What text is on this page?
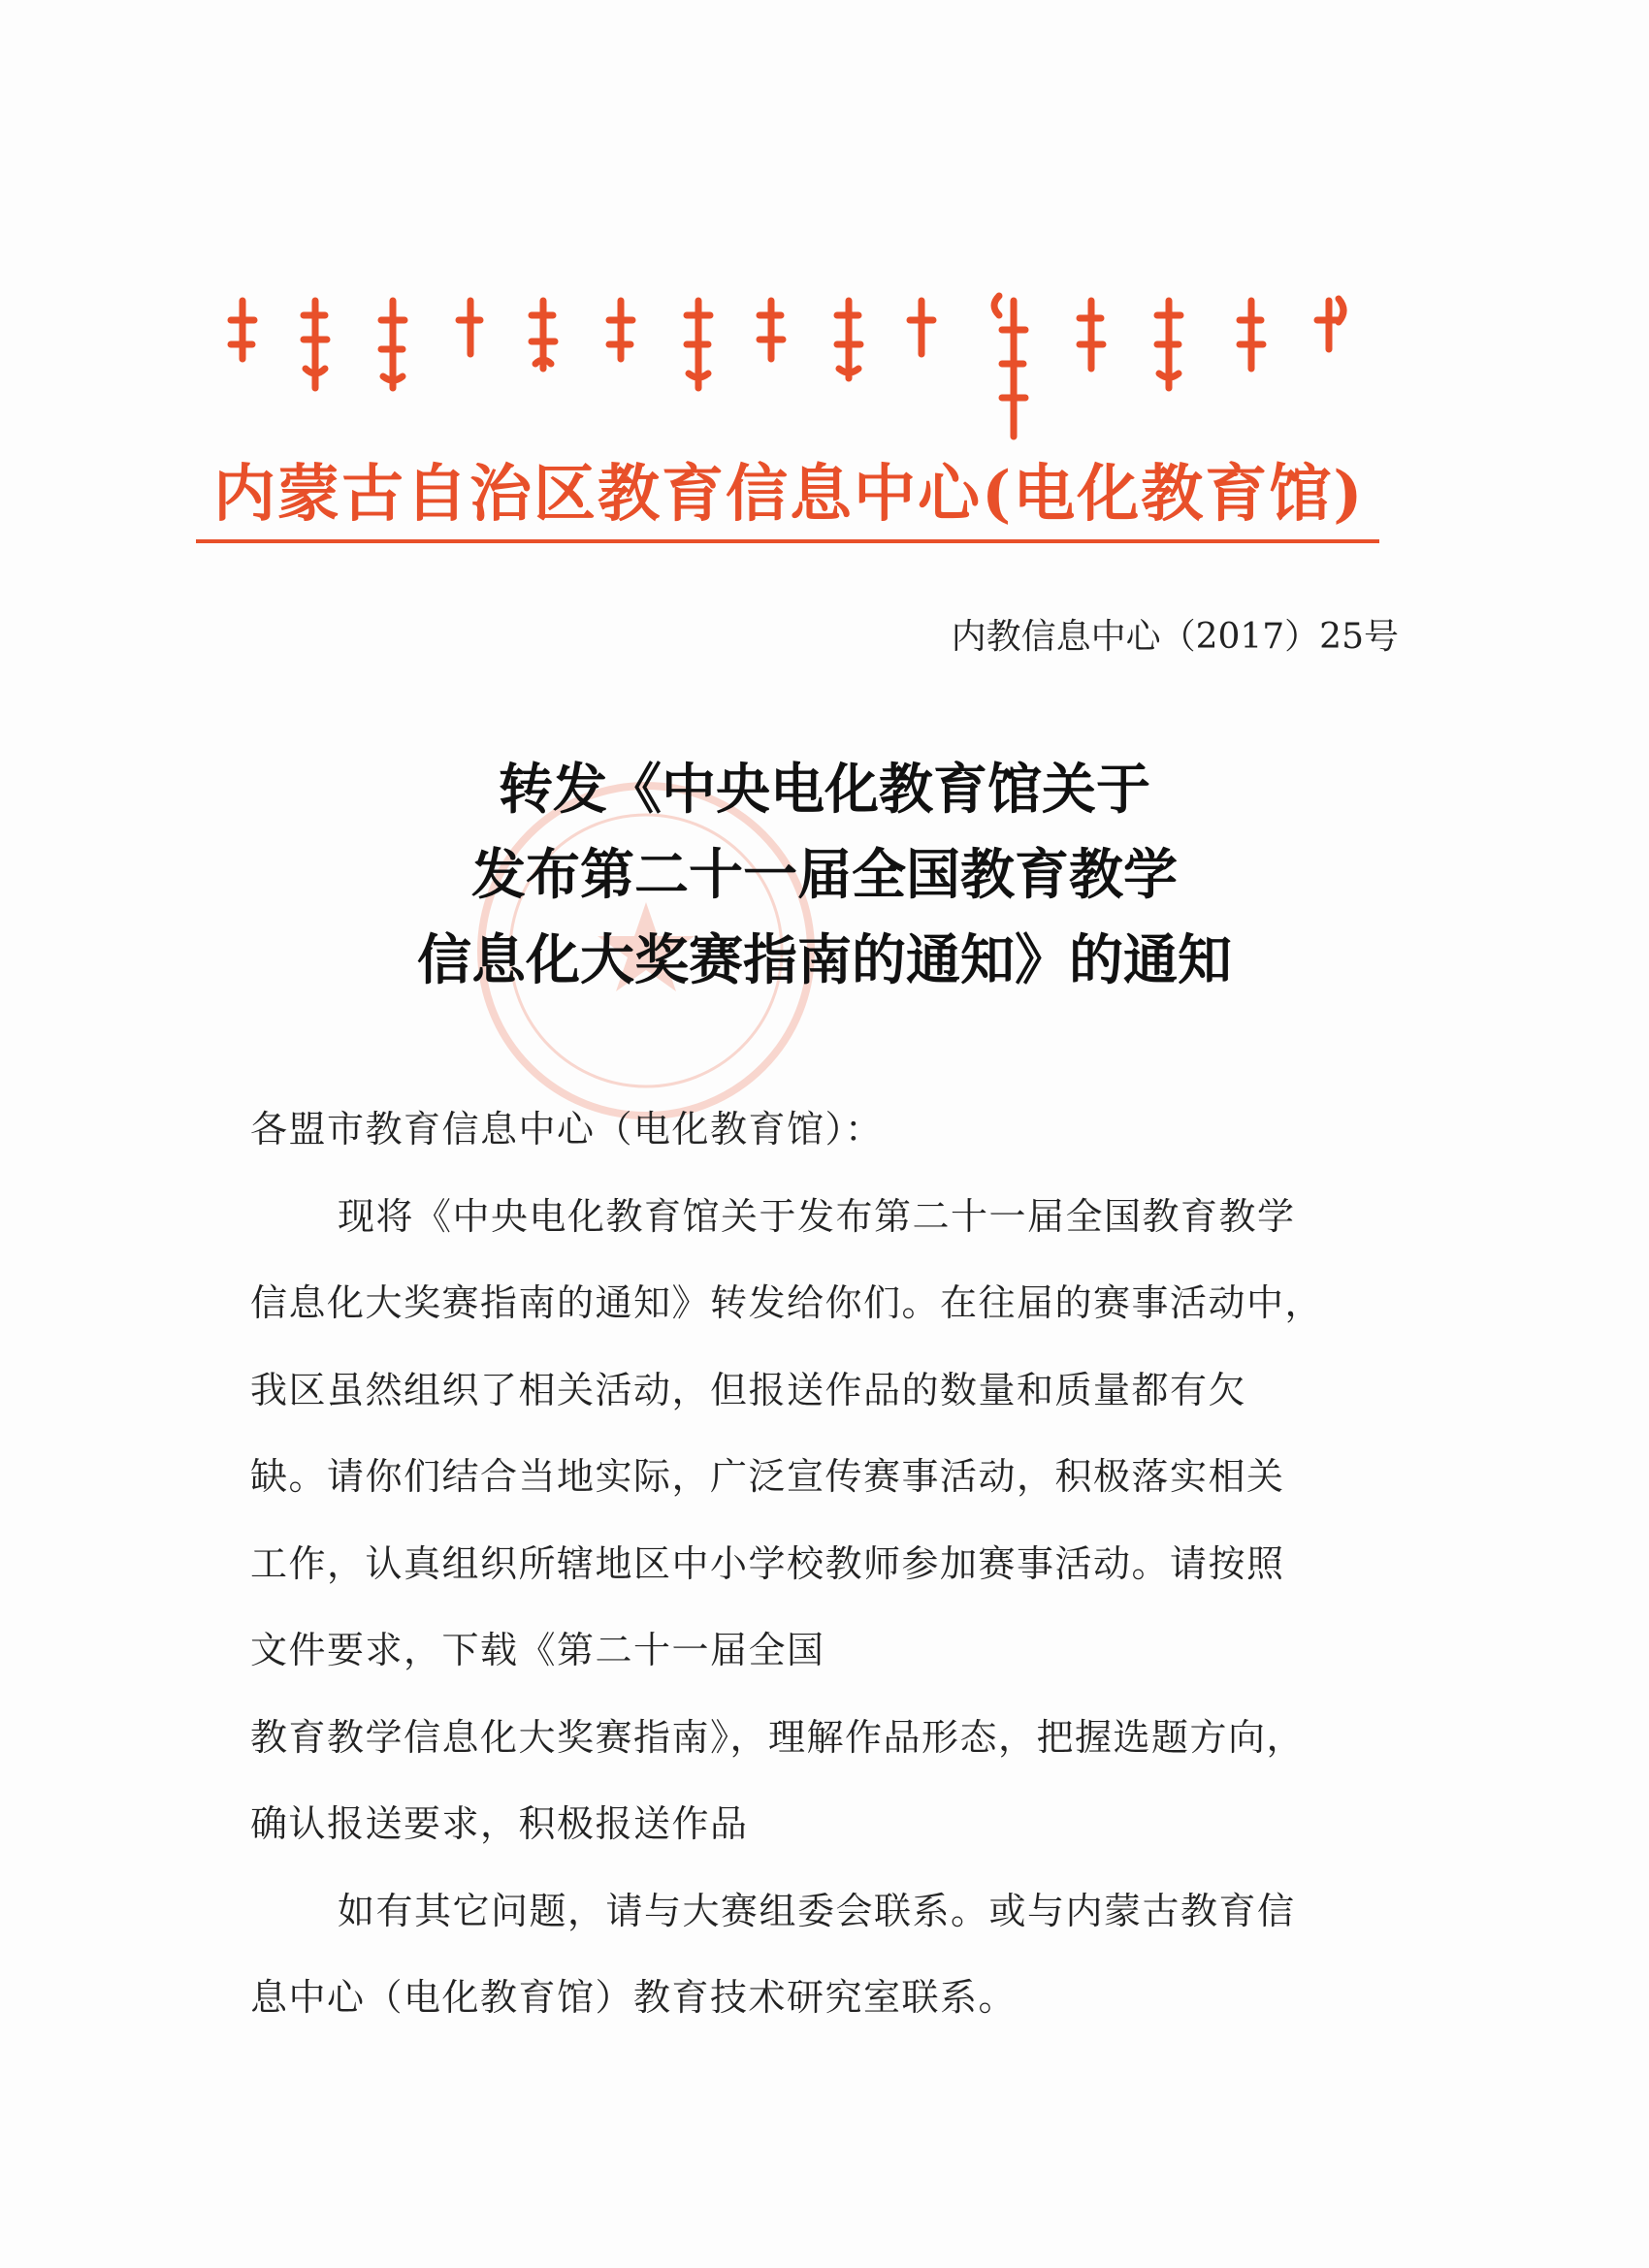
内蒙古自治区教育信息中心(电化教育馆)
内教信息中心（2017）25号
转发《中央电化教育馆关于
发布第二十一届全国教育教学
信息化大奖赛指南的通知》的通知
各盟市教育信息中心（电化教育馆）：
现将《中央电化教育馆关于发布第二十一届全国教育教学
信息化大奖赛指南的通知》转发给你们。在往届的赛事活动中，
我区虽然组织了相关活动，但报送作品的数量和质量都有欠
缺。请你们结合当地实际，广泛宣传赛事活动，积极落实相关
工作，认真组织所辖地区中小学校教师参加赛事活动。请按照
文件要求，下载《第二十一届全国
教育教学信息化大奖赛指南》，理解作品形态，把握选题方向，
确认报送要求，积极报送作品
如有其它问题，请与大赛组委会联系。或与内蒙古教育信
息中心（电化教育馆）教育技术研究室联系。
